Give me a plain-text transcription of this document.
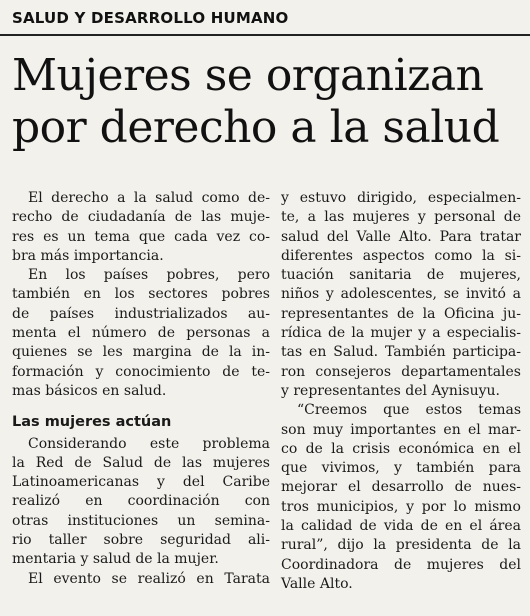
SALUD Y DESARROLLO HUMANO
Mujeres se organizan
por derecho a la salud
El derecho a la salud como de-
recho de ciudadanía de las muje-
res es un tema que cada vez co-
bra más importancia.
En los países pobres, pero
también en los sectores pobres
de países industrializados au-
menta el número de personas a
quienes se les margina de la in-
formación y conocimiento de te-
mas básicos en salud.
Las mujeres actúan
Considerando este problema
la Red de Salud de las mujeres
Latinoamericanas y del Caribe
realizó en coordinación con
otras instituciones un semina-
rio taller sobre seguridad ali-
mentaria y salud de la mujer.
El evento se realizó en Tarata
y estuvo dirigido, especialmen-
te, a las mujeres y personal de
salud del Valle Alto. Para tratar
diferentes aspectos como la si-
tuación sanitaria de mujeres,
niños y adolescentes, se invitó a
representantes de la Oficina ju-
rídica de la mujer y a especialis-
tas en Salud. También participa-
ron consejeros departamentales
y representantes del Aynisuyu.
“Creemos que estos temas
son muy importantes en el mar-
co de la crisis económica en el
que vivimos, y también para
mejorar el desarrollo de nues-
tros municipios, y por lo mismo
la calidad de vida de en el área
rural”, dijo la presidenta de la
Coordinadora de mujeres del
Valle Alto.
